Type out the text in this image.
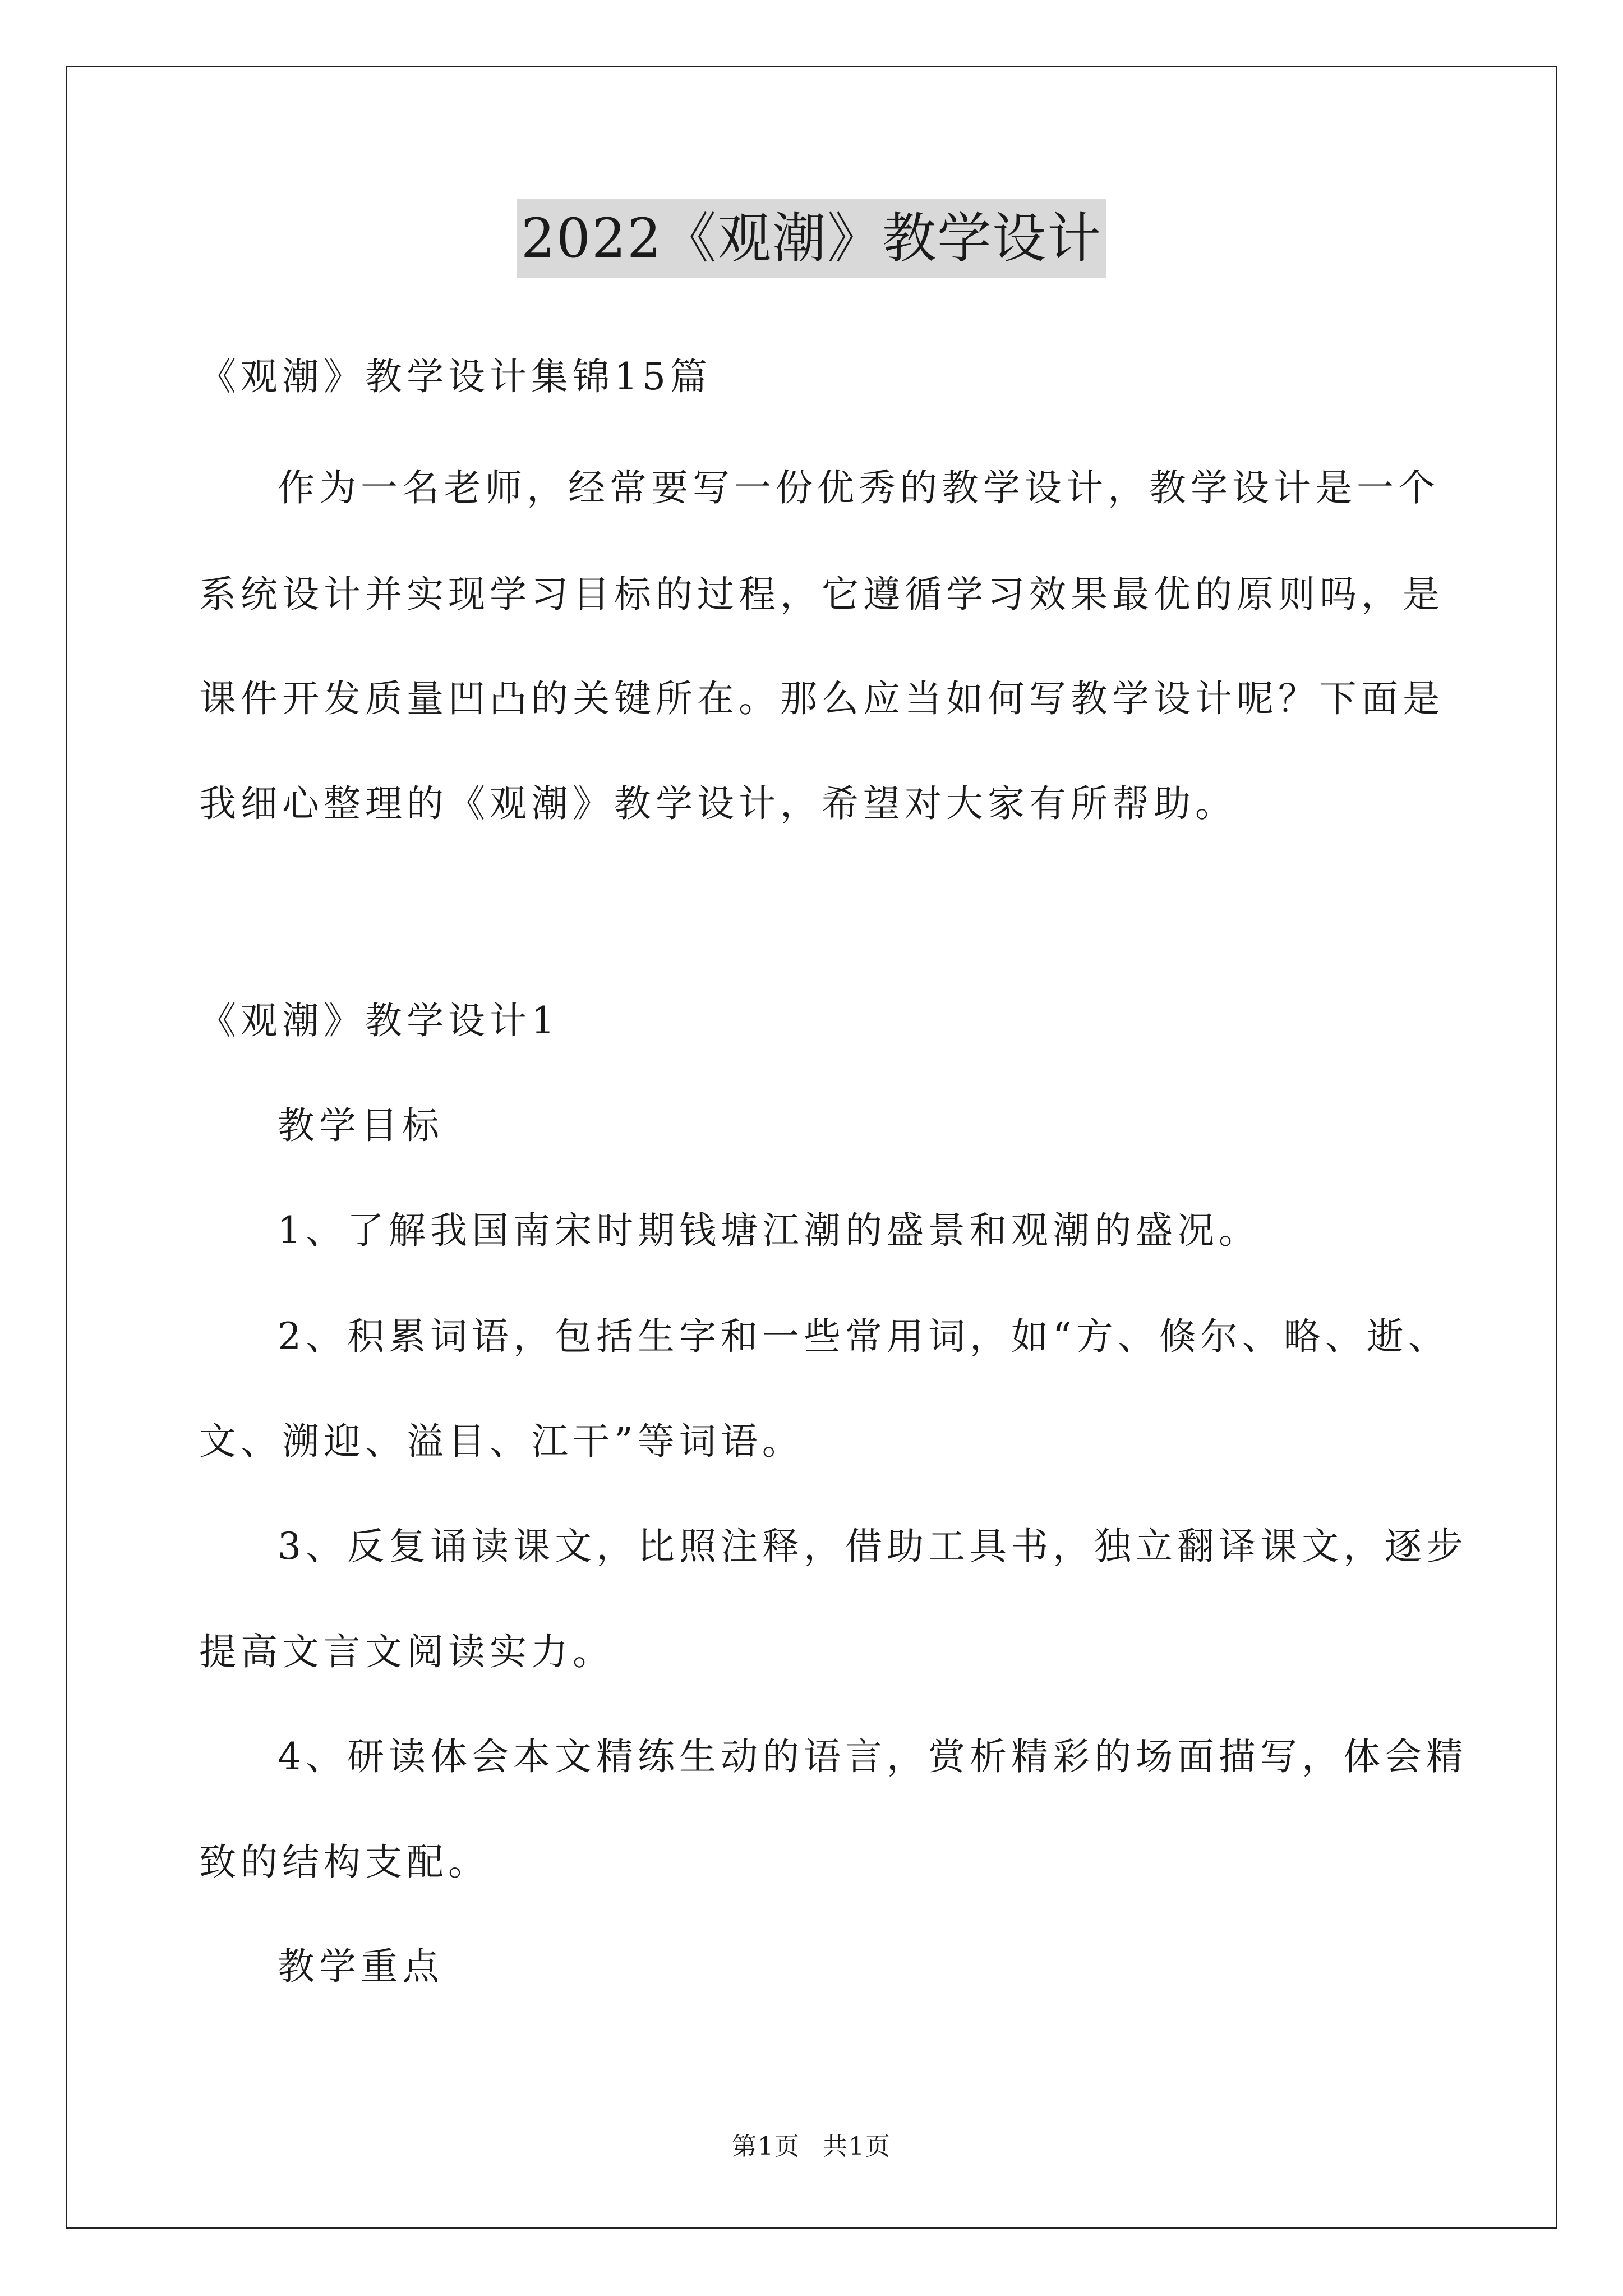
2022《观潮》教学设计
《观潮》教学设计集锦15篇
作为一名老师，经常要写一份优秀的教学设计，教学设计是一个
系统设计并实现学习目标的过程，它遵循学习效果最优的原则吗，是
课件开发质量凹凸的关键所在。那么应当如何写教学设计呢？下面是
我细心整理的《观潮》教学设计，希望对大家有所帮助。
《观潮》教学设计1
教学目标
1、了解我国南宋时期钱塘江潮的盛景和观潮的盛况。
2、积累词语，包括生字和一些常用词，如“方、倏尔、略、逝、
文、溯迎、溢目、江干”等词语。
3、反复诵读课文，比照注释，借助工具书，独立翻译课文，逐步
提高文言文阅读实力。
4、研读体会本文精练生动的语言，赏析精彩的场面描写，体会精
致的结构支配。
教学重点
第1页 共1页
